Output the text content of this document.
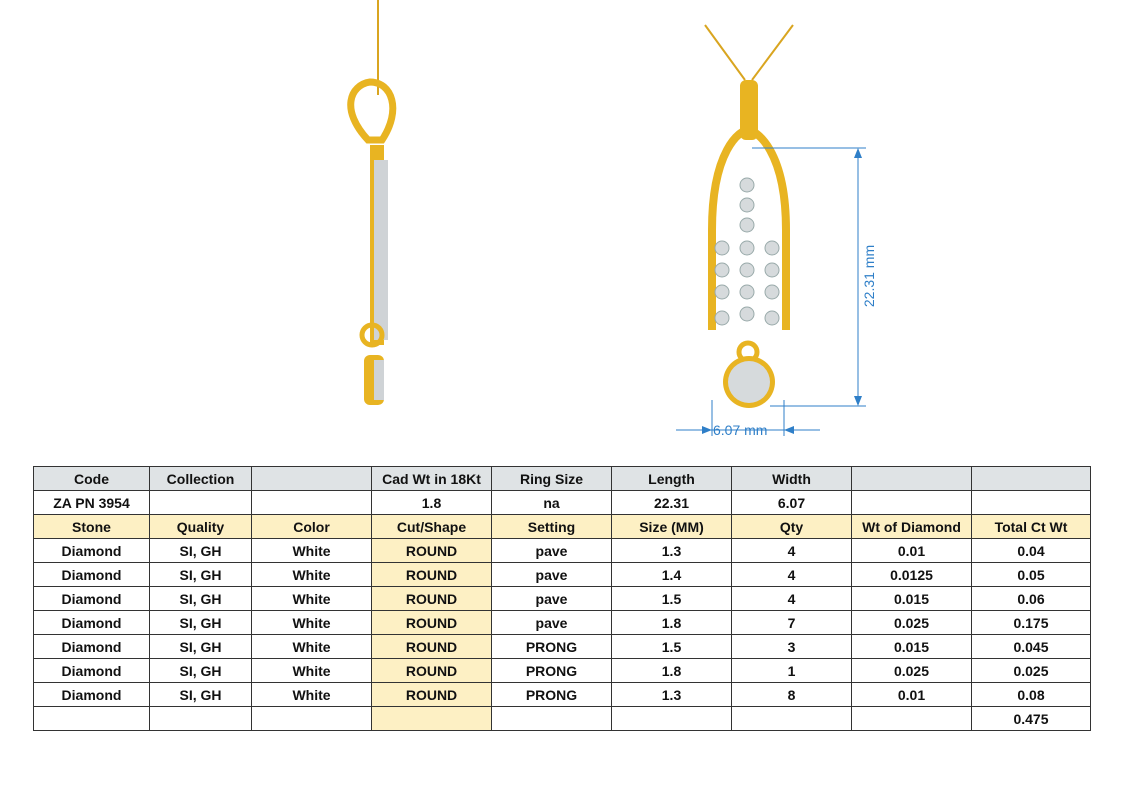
22.31 mm
6.07 mm
Code	Collection		Cad Wt in 18Kt	Ring Size	Length	Width		
ZA PN 3954			1.8	na	22.31	6.07		
Stone	Quality	Color	Cut/Shape	Setting	Size (MM)	Qty	Wt of Diamond	Total Ct Wt
Diamond	SI, GH	White	ROUND	pave	1.3	4	0.01	0.04
Diamond	SI, GH	White	ROUND	pave	1.4	4	0.0125	0.05
Diamond	SI, GH	White	ROUND	pave	1.5	4	0.015	0.06
Diamond	SI, GH	White	ROUND	pave	1.8	7	0.025	0.175
Diamond	SI, GH	White	ROUND	PRONG	1.5	3	0.015	0.045
Diamond	SI, GH	White	ROUND	PRONG	1.8	1	0.025	0.025
Diamond	SI, GH	White	ROUND	PRONG	1.3	8	0.01	0.08
								0.475
